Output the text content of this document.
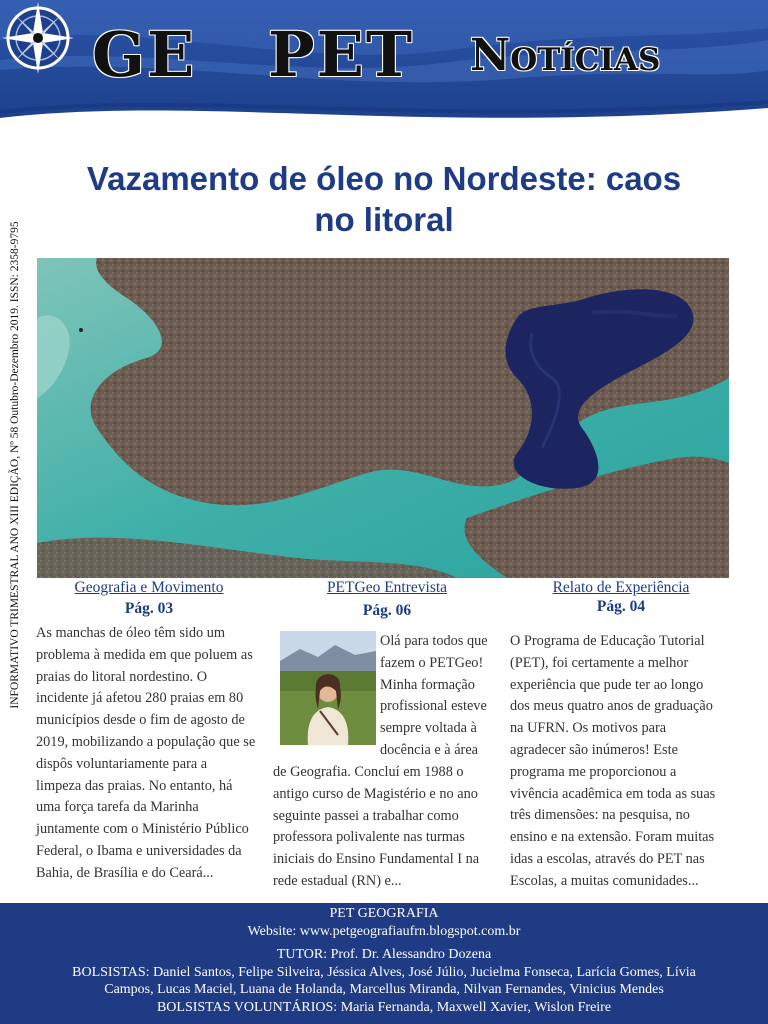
GE PET Notícias
INFORMATIVO TRIMESTRAL ANO XIII EDIÇÃO, Nº 58 Outubro-Dezembro 2019. ISSN: 2358-9795
Vazamento de óleo no Nordeste: caos
no litoral
Geografia e Movimento
Pág. 03
As manchas de óleo têm sido um
problema à medida em que poluem as
praias do litoral nordestino. O
incidente já afetou 280 praias em 80
municípios desde o fim de agosto de
2019, mobilizando a população que se
dispôs voluntariamente para a
limpeza das praias. No entanto, há
uma força tarefa da Marinha
juntamente com o Ministério Público
Federal, o Ibama e universidades da
Bahia, de Brasília e do Ceará...
PETGeo Entrevista
Pág. 06
Olá para todos que
fazem o PETGeo!
Minha formação
profissional esteve
sempre voltada à
docência e à área
de Geografia. Concluí em 1988 o
antigo curso de Magistério e no ano
seguinte passei a trabalhar como
professora polivalente nas turmas
iniciais do Ensino Fundamental I na
rede estadual (RN) e...
Relato de Experiência
Pág. 04
O Programa de Educação Tutorial
(PET), foi certamente a melhor
experiência que pude ter ao longo
dos meus quatro anos de graduação
na UFRN. Os motivos para
agradecer são inúmeros! Este
programa me proporcionou a
vivência acadêmica em toda as suas
três dimensões: na pesquisa, no
ensino e na extensão. Foram muitas
idas a escolas, através do PET nas
Escolas, a muitas comunidades...
PET GEOGRAFIA
Website: www.petgeografiaufrn.blogspot.com.br
TUTOR: Prof. Dr. Alessandro Dozena
BOLSISTAS: Daniel Santos, Felipe Silveira, Jéssica Alves, José Júlio, Jucielma Fonseca, Larícia Gomes, Lívia
Campos, Lucas Maciel, Luana de Holanda, Marcellus Miranda, Nilvan Fernandes, Vinicius Mendes
BOLSISTAS VOLUNTÁRIOS: Maria Fernanda, Maxwell Xavier, Wislon Freire
